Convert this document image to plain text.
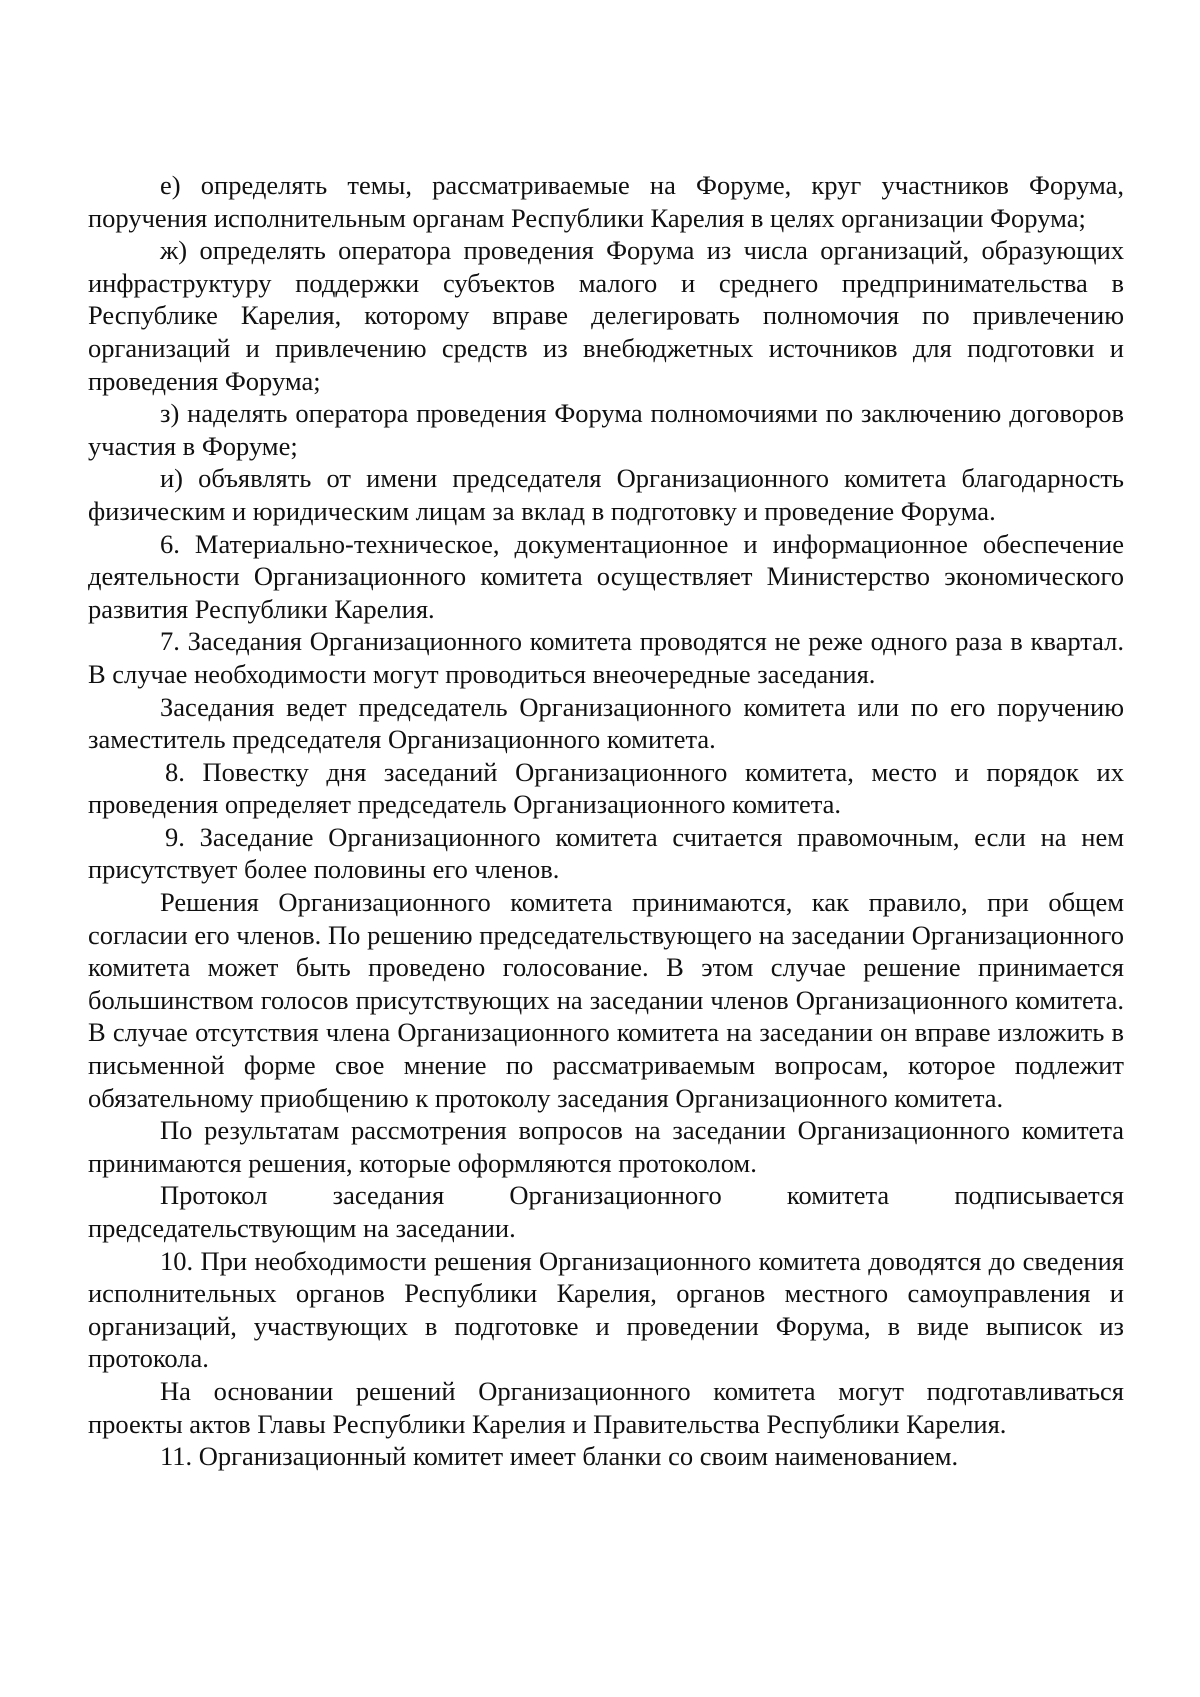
е) определять темы, рассматриваемые на Форуме, круг участников Форума, поручения исполнительным органам Республики Карелия в целях организации Форума;

ж) определять оператора проведения Форума из числа организаций, образующих инфраструктуру поддержки субъектов малого и среднего предпринимательства в Республике Карелия, которому вправе делегировать полномочия по привлечению организаций и привлечению средств из внебюджетных источников для подготовки и проведения Форума;

з) наделять оператора проведения Форума полномочиями по заключению договоров участия в Форуме;

и) объявлять от имени председателя Организационного комитета благодарность физическим и юридическим лицам за вклад в подготовку и проведение Форума.

6. Материально-техническое, документационное и информационное обеспечение деятельности Организационного комитета осуществляет Министерство экономического развития Республики Карелия.

7. Заседания Организационного комитета проводятся не реже одного раза в квартал. В случае необходимости могут проводиться внеочередные заседания.

Заседания ведет председатель Организационного комитета или по его поручению заместитель председателя Организационного комитета.

8. Повестку дня заседаний Организационного комитета, место и порядок их проведения определяет председатель Организационного комитета.

9. Заседание Организационного комитета считается правомочным, если на нем присутствует более половины его членов.

Решения Организационного комитета принимаются, как правило, при общем согласии его членов. По решению председательствующего на заседании Организационного комитета может быть проведено голосование. В этом случае решение принимается большинством голосов присутствующих на заседании членов Организационного комитета. В случае отсутствия члена Организационного комитета на заседании он вправе изложить в письменной форме свое мнение по рассматриваемым вопросам, которое подлежит обязательному приобщению к протоколу заседания Организационного комитета.

По результатам рассмотрения вопросов на заседании Организационного комитета принимаются решения, которые оформляются протоколом.

Протокол заседания Организационного комитета подписывается председательствующим на заседании.

10. При необходимости решения Организационного комитета доводятся до сведения исполнительных органов Республики Карелия, органов местного самоуправления и организаций, участвующих в подготовке и проведении Форума, в виде выписок из протокола.

На основании решений Организационного комитета могут подготавливаться проекты актов Главы Республики Карелия и Правительства Республики Карелия.

11. Организационный комитет имеет бланки со своим наименованием.
